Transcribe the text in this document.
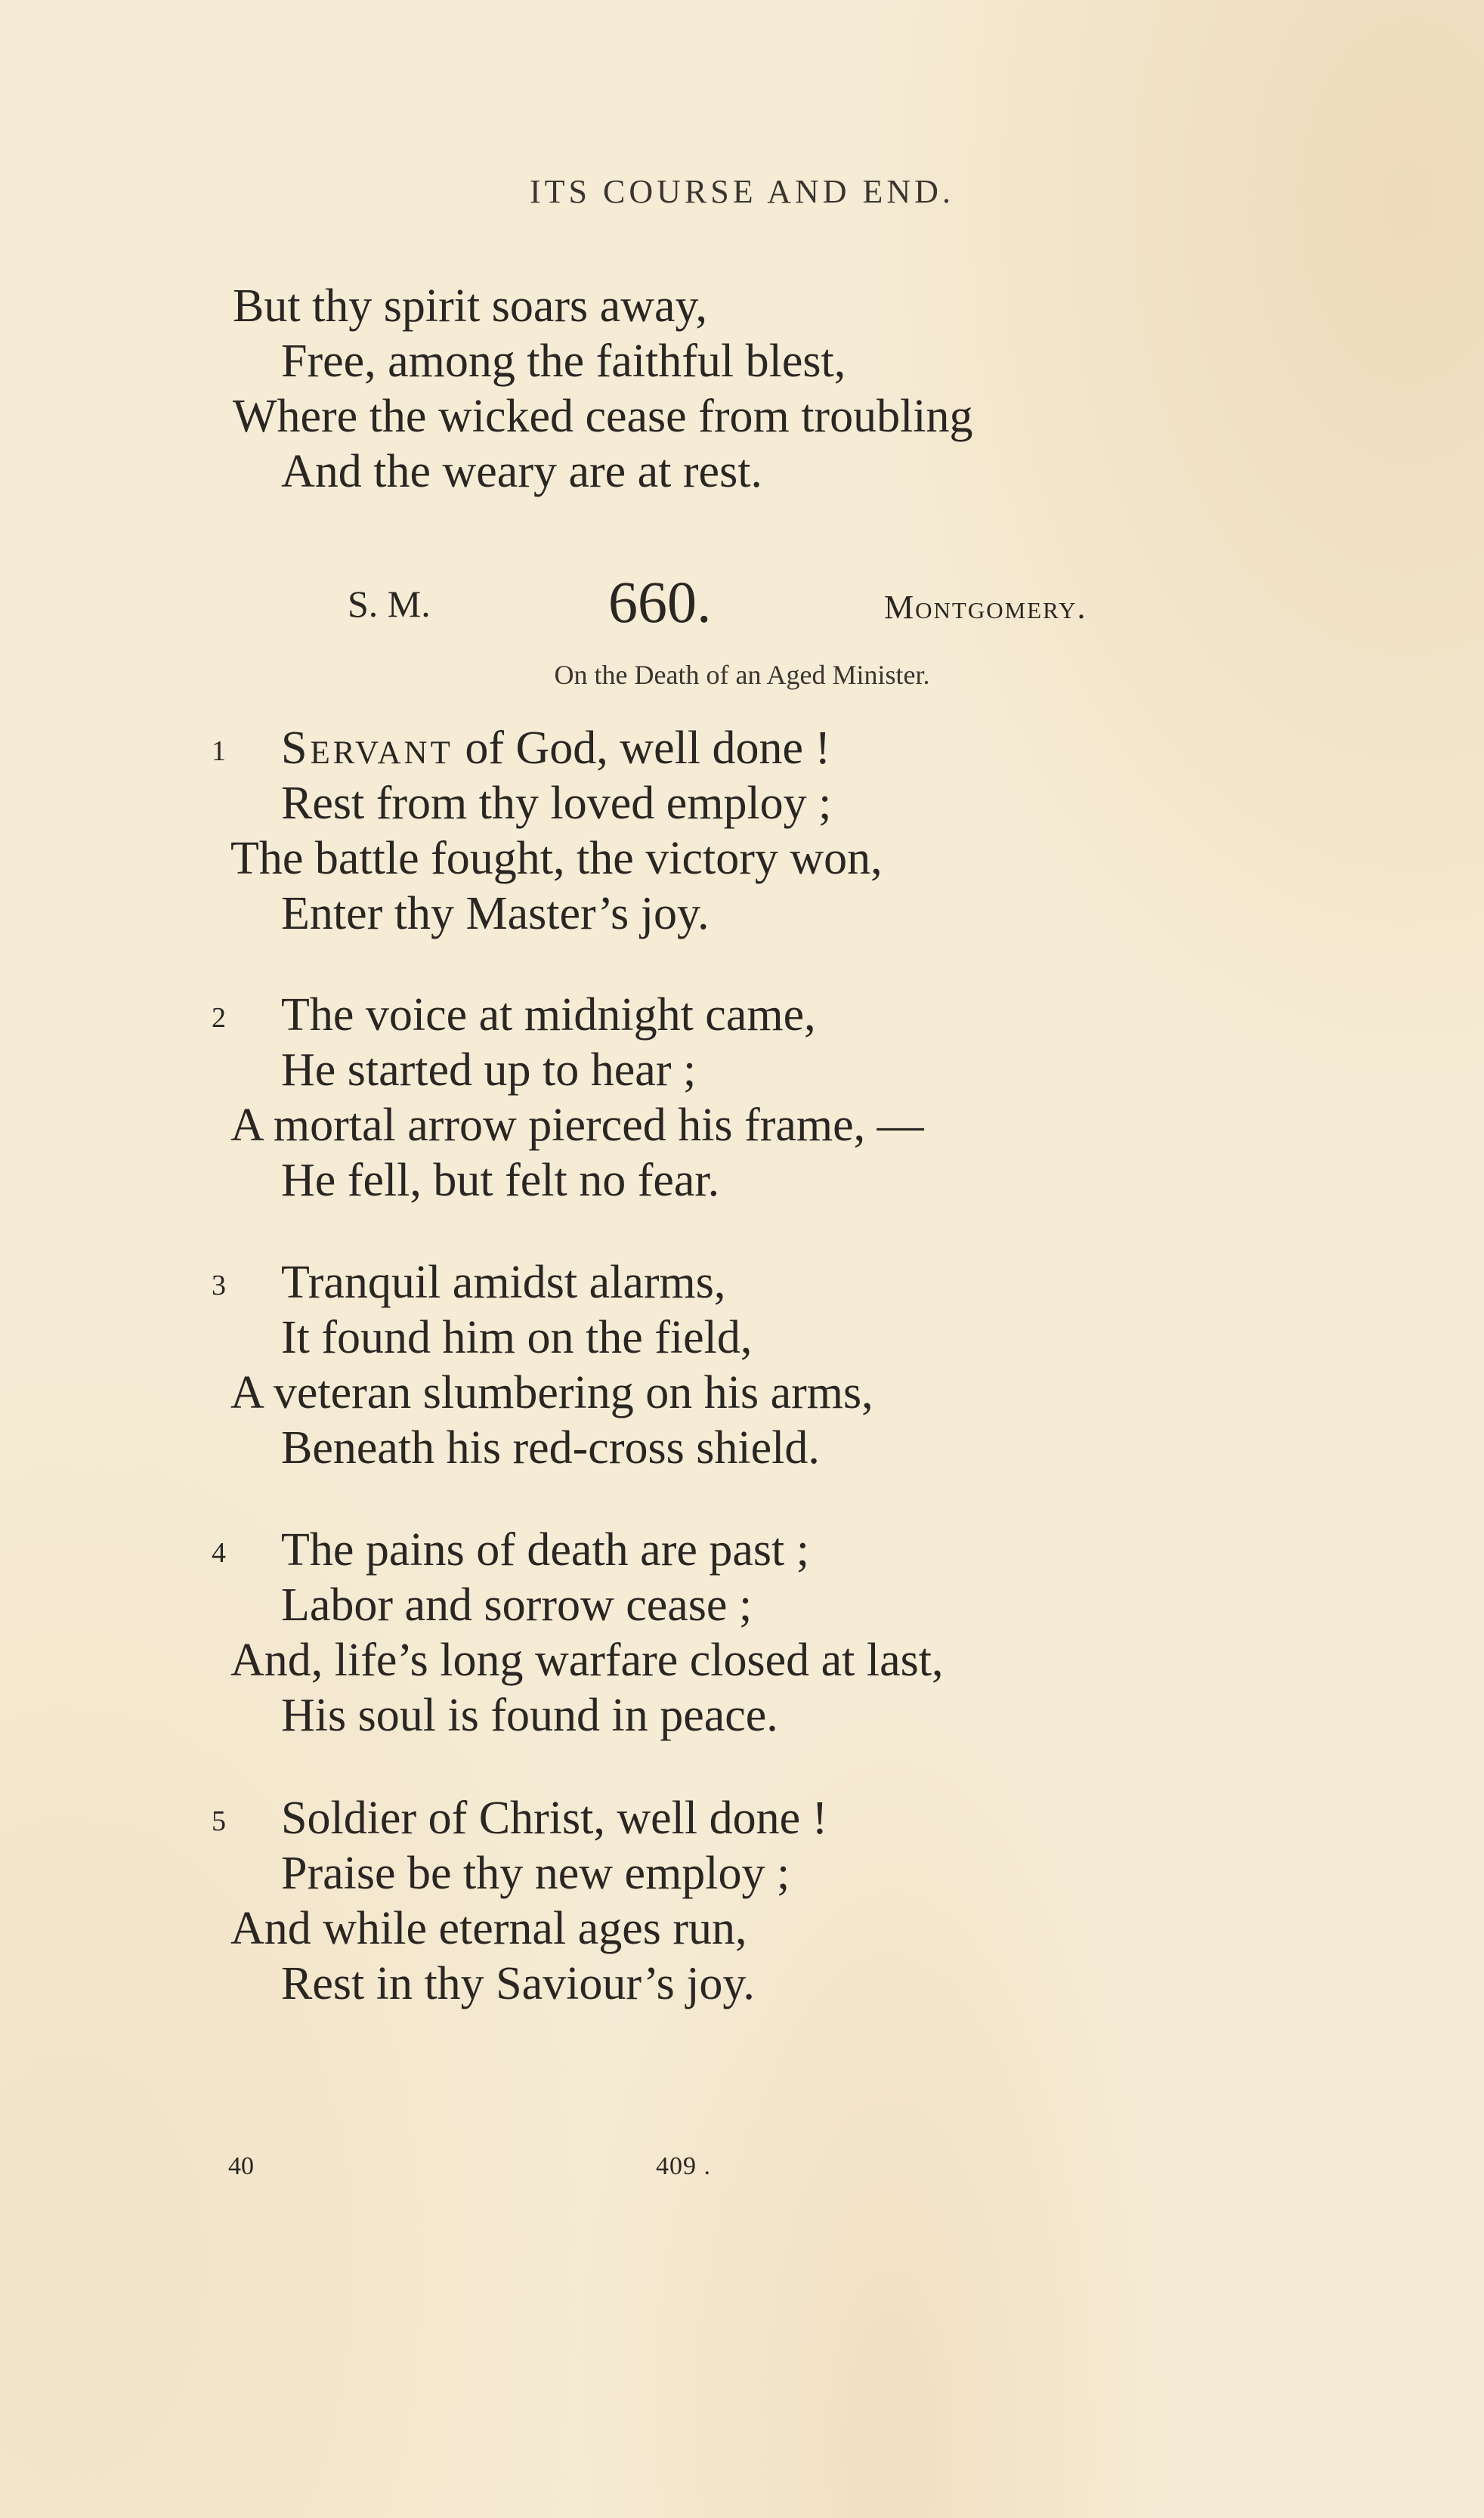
ITS COURSE AND END.
But thy spirit soars away,
Free, among the faithful blest,
Where the wicked cease from troubling
And the weary are at rest.
S. M.	660.	Montgomery.
On the Death of an Aged Minister.
1 Servant of God, well done !
Rest from thy loved employ ;
The battle fought, the victory won,
Enter thy Master’s joy.
2 The voice at midnight came,
He started up to hear ;
A mortal arrow pierced his frame, —
He fell, but felt no fear.
3 Tranquil amidst alarms,
It found him on the field,
A veteran slumbering on his arms,
Beneath his red-cross shield.
4 The pains of death are past ;
Labor and sorrow cease ;
And, life’s long warfare closed at last,
His soul is found in peace.
5 Soldier of Christ, well done !
Praise be thy new employ ;
And while eternal ages run,
Rest in thy Saviour’s joy.
40	409 .
